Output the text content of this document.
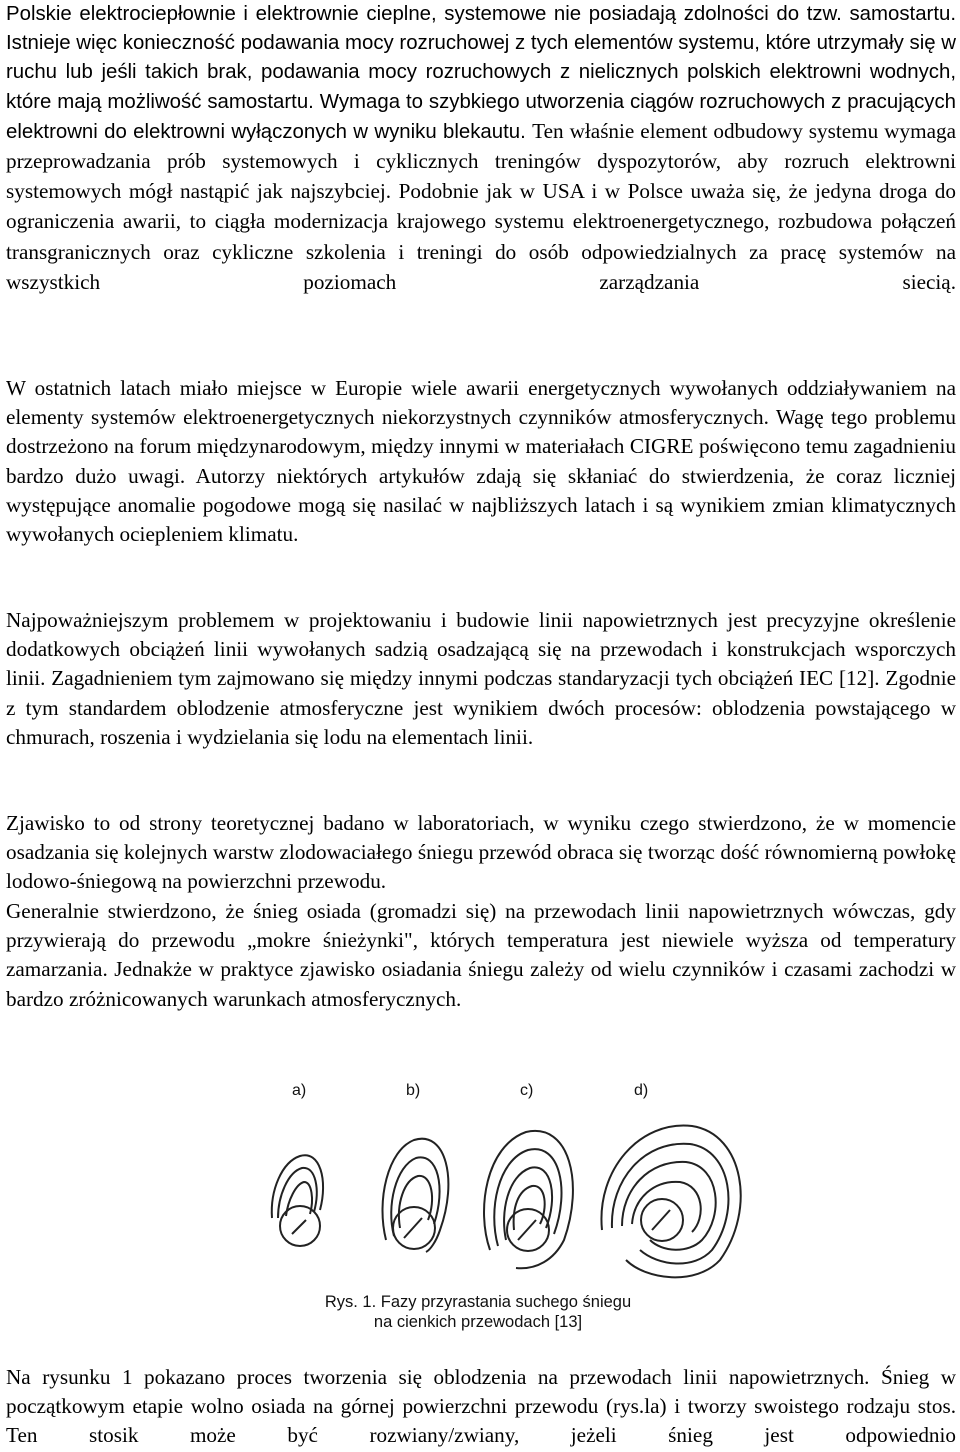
Polskie elektrociepłownie i elektrownie cieplne, systemowe nie posiadają zdolności do tzw. samostartu. Istnieje więc konieczność podawania mocy rozruchowej z tych elementów systemu, które utrzymały się w ruchu lub jeśli takich brak, podawania mocy rozruchowych z nielicznych polskich elektrowni wodnych, które mają możliwość samostartu. Wymaga to szybkiego utworzenia ciągów rozruchowych z pracujących elektrowni do elektrowni wyłączonych w wyniku blekautu. Ten właśnie element odbudowy systemu wymaga przeprowadzania prób systemowych i cyklicznych treningów dyspozytorów, aby rozruch elektrowni systemowych mógł nastąpić jak najszybciej. Podobnie jak w USA i w Polsce uważa się, że jedyna droga do ograniczenia awarii, to ciągła modernizacja krajowego systemu elektroenergetycznego, rozbudowa połączeń transgranicznych oraz cykliczne szkolenia i treningi do osób odpowiedzialnych za pracę systemów na wszystkich poziomach zarządzania siecią.

W ostatnich latach miało miejsce w Europie wiele awarii energetycznych wywołanych oddziaływaniem na elementy systemów elektroenergetycznych niekorzystnych czynników atmosferycznych. Wagę tego problemu dostrzeżono na forum międzynarodowym, między innymi w materiałach CIGRE poświęcono temu zagadnieniu bardzo dużo uwagi. Autorzy niektórych artykułów zdają się skłaniać do stwierdzenia, że coraz liczniej występujące anomalie pogodowe mogą się nasilać w najbliższych latach i są wynikiem zmian klimatycznych wywołanych ociepleniem klimatu.

Najpoważniejszym problemem w projektowaniu i budowie linii napowietrznych jest precyzyjne określenie dodatkowych obciążeń linii wywołanych sadzią osadzającą się na przewodach i konstrukcjach wsporczych linii. Zagadnieniem tym zajmowano się między innymi podczas standaryzacji tych obciążeń IEC [12]. Zgodnie z tym standardem oblodzenie atmosferyczne jest wynikiem dwóch procesów: oblodzenia powstającego w chmurach, roszenia i wydzielania się lodu na elementach linii.

Zjawisko to od strony teoretycznej badano w laboratoriach, w wyniku czego stwierdzono, że w momencie osadzania się kolejnych warstw zlodowaciałego śniegu przewód obraca się tworząc dość równomierną powłokę lodowo-śniegową na powierzchni przewodu.

Generalnie stwierdzono, że śnieg osiada (gromadzi się) na przewodach linii napowietrznych wówczas, gdy przywierają do przewodu „mokre śnieżynki", których temperatura jest niewiele wyższa od temperatury zamarzania. Jednakże w praktyce zjawisko osiadania śniegu zależy od wielu czynników i czasami zachodzi w bardzo zróżnicowanych warunkach atmosferycznych.

a)	b)	c)	d)
Rys. 1. Fazy przyrastania suchego śniegu
na cienkich przewodach [13]

Na rysunku 1 pokazano proces tworzenia się oblodzenia na przewodach linii napowietrznych. Śnieg w początkowym etapie wolno osiada na górnej powierzchni przewodu (rys.la) i tworzy swoistego rodzaju stos. Ten stosik może być rozwiany/zwiany, jeżeli śnieg jest odpowiednio
